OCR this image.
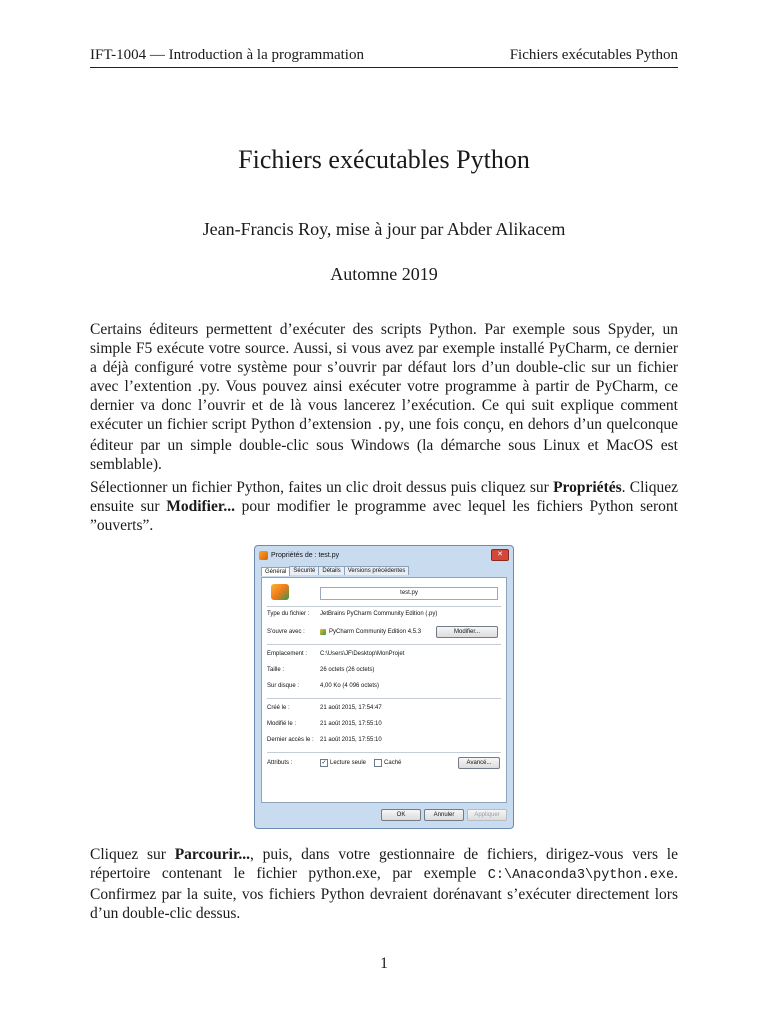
IFT-1004 — Introduction à la programmation	Fichiers exécutables Python
Fichiers exécutables Python
Jean-Francis Roy, mise à jour par Abder Alikacem
Automne 2019
Certains éditeurs permettent d’exécuter des scripts Python. Par exemple sous Spyder, un simple F5 exécute votre source. Aussi, si vous avez par exemple installé PyCharm, ce dernier a déjà configuré votre système pour s’ouvrir par défaut lors d’un double-clic sur un fichier avec l’extention .py. Vous pouvez ainsi exécuter votre programme à partir de PyCharm, ce dernier va donc l’ouvrir et de là vous lancerez l’exécution. Ce qui suit explique comment exécuter un fichier script Python d’extension .py, une fois conçu, en dehors d’un quelconque éditeur par un simple double-clic sous Windows (la démarche sous Linux et MacOS est semblable).
Sélectionner un fichier Python, faites un clic droit dessus puis cliquez sur Propriétés. Cliquez ensuite sur Modifier... pour modifier le programme avec lequel les fichiers Python seront ”ouverts”.
Propriétés de : test.py	✕
Général	Sécurité	Détails	Versions précédentes
test.py
Type du fichier :	JetBrains PyCharm Community Edition (.py)
S'ouvre avec :	PyCharm Community Edition 4.5.3	Modifier...
Emplacement :	C:\Users\JF\Desktop\MonProjet
Taille :	26 octets (26 octets)
Sur disque :	4,00 Ko (4 096 octets)
Créé le :	21 août 2015, 17:54:47
Modifié le :	21 août 2015, 17:55:10
Dernier accès le :	21 août 2015, 17:55:10
Attributs :	✓ Lecture seule	Caché	Avancé...
OK	Annuler	Appliquer
Cliquez sur Parcourir..., puis, dans votre gestionnaire de fichiers, dirigez-vous vers le répertoire contenant le fichier python.exe, par exemple C:\Anaconda3\python.exe. Confirmez par la suite, vos fichiers Python devraient dorénavant s’exécuter directement lors d’un double-clic dessus.
1
